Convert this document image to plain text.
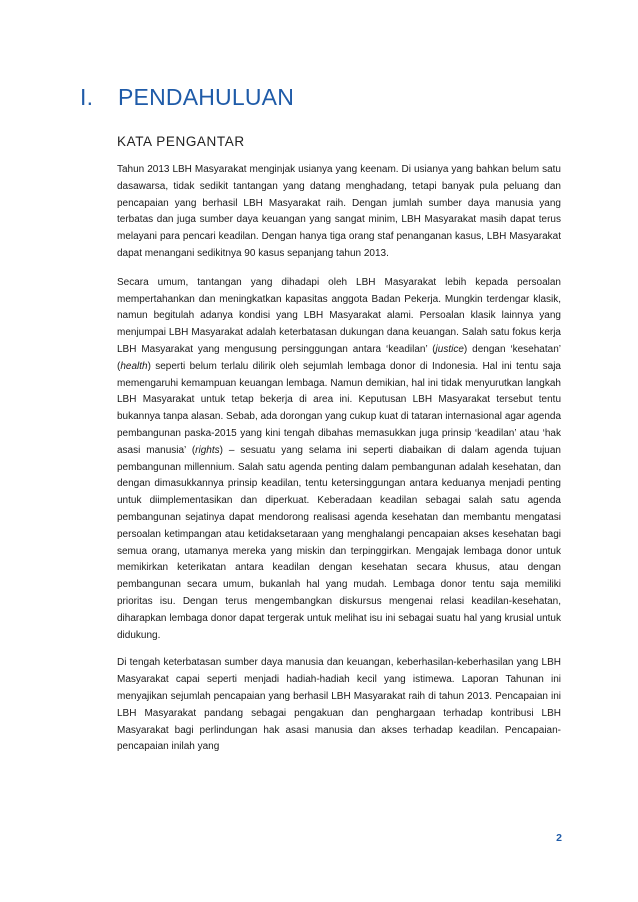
I. PENDAHULUAN
KATA PENGANTAR

Tahun 2013 LBH Masyarakat menginjak usianya yang keenam. Di usianya yang bahkan belum satu dasawarsa, tidak sedikit tantangan yang datang menghadang, tetapi banyak pula peluang dan pencapaian yang berhasil LBH Masyarakat raih. Dengan jumlah sumber daya manusia yang terbatas dan juga sumber daya keuangan yang sangat minim, LBH Masyarakat masih dapat terus melayani para pencari keadilan. Dengan hanya tiga orang staf penanganan kasus, LBH Masyarakat dapat menangani sedikitnya 90 kasus sepanjang tahun 2013.

Secara umum, tantangan yang dihadapi oleh LBH Masyarakat lebih kepada persoalan mempertahankan dan meningkatkan kapasitas anggota Badan Pekerja. Mungkin terdengar klasik, namun begitulah adanya kondisi yang LBH Masyarakat alami. Persoalan klasik lainnya yang menjumpai LBH Masyarakat adalah keterbatasan dukungan dana keuangan. Salah satu fokus kerja LBH Masyarakat yang mengusung persinggungan antara ‘keadilan’ (justice) dengan ‘kesehatan’ (health) seperti belum terlalu dilirik oleh sejumlah lembaga donor di Indonesia. Hal ini tentu saja memengaruhi kemampuan keuangan lembaga. Namun demikian, hal ini tidak menyurutkan langkah LBH Masyarakat untuk tetap bekerja di area ini. Keputusan LBH Masyarakat tersebut tentu bukannya tanpa alasan. Sebab, ada dorongan yang cukup kuat di tataran internasional agar agenda pembangunan paska-2015 yang kini tengah dibahas memasukkan juga prinsip ‘keadilan’ atau ‘hak asasi manusia’ (rights) – sesuatu yang selama ini seperti diabaikan di dalam agenda tujuan pembangunan millennium. Salah satu agenda penting dalam pembangunan adalah kesehatan, dan dengan dimasukkannya prinsip keadilan, tentu ketersinggungan antara keduanya menjadi penting untuk diimplementasikan dan diperkuat. Keberadaan keadilan sebagai salah satu agenda pembangunan sejatinya dapat mendorong realisasi agenda kesehatan dan membantu mengatasi persoalan ketimpangan atau ketidaksetaraan yang menghalangi pencapaian akses kesehatan bagi semua orang, utamanya mereka yang miskin dan terpinggirkan. Mengajak lembaga donor untuk memikirkan keterikatan antara keadilan dengan kesehatan secara khusus, atau dengan pembangunan secara umum, bukanlah hal yang mudah. Lembaga donor tentu saja memiliki prioritas isu. Dengan terus mengembangkan diskursus mengenai relasi keadilan-kesehatan, diharapkan lembaga donor dapat tergerak untuk melihat isu ini sebagai suatu hal yang krusial untuk didukung.

Di tengah keterbatasan sumber daya manusia dan keuangan, keberhasilan-keberhasilan yang LBH Masyarakat capai seperti menjadi hadiah-hadiah kecil yang istimewa. Laporan Tahunan ini menyajikan sejumlah pencapaian yang berhasil LBH Masyarakat raih di tahun 2013. Pencapaian ini LBH Masyarakat pandang sebagai pengakuan dan penghargaan terhadap kontribusi LBH Masyarakat bagi perlindungan hak asasi manusia dan akses terhadap keadilan. Pencapaian-pencapaian inilah yang

2
